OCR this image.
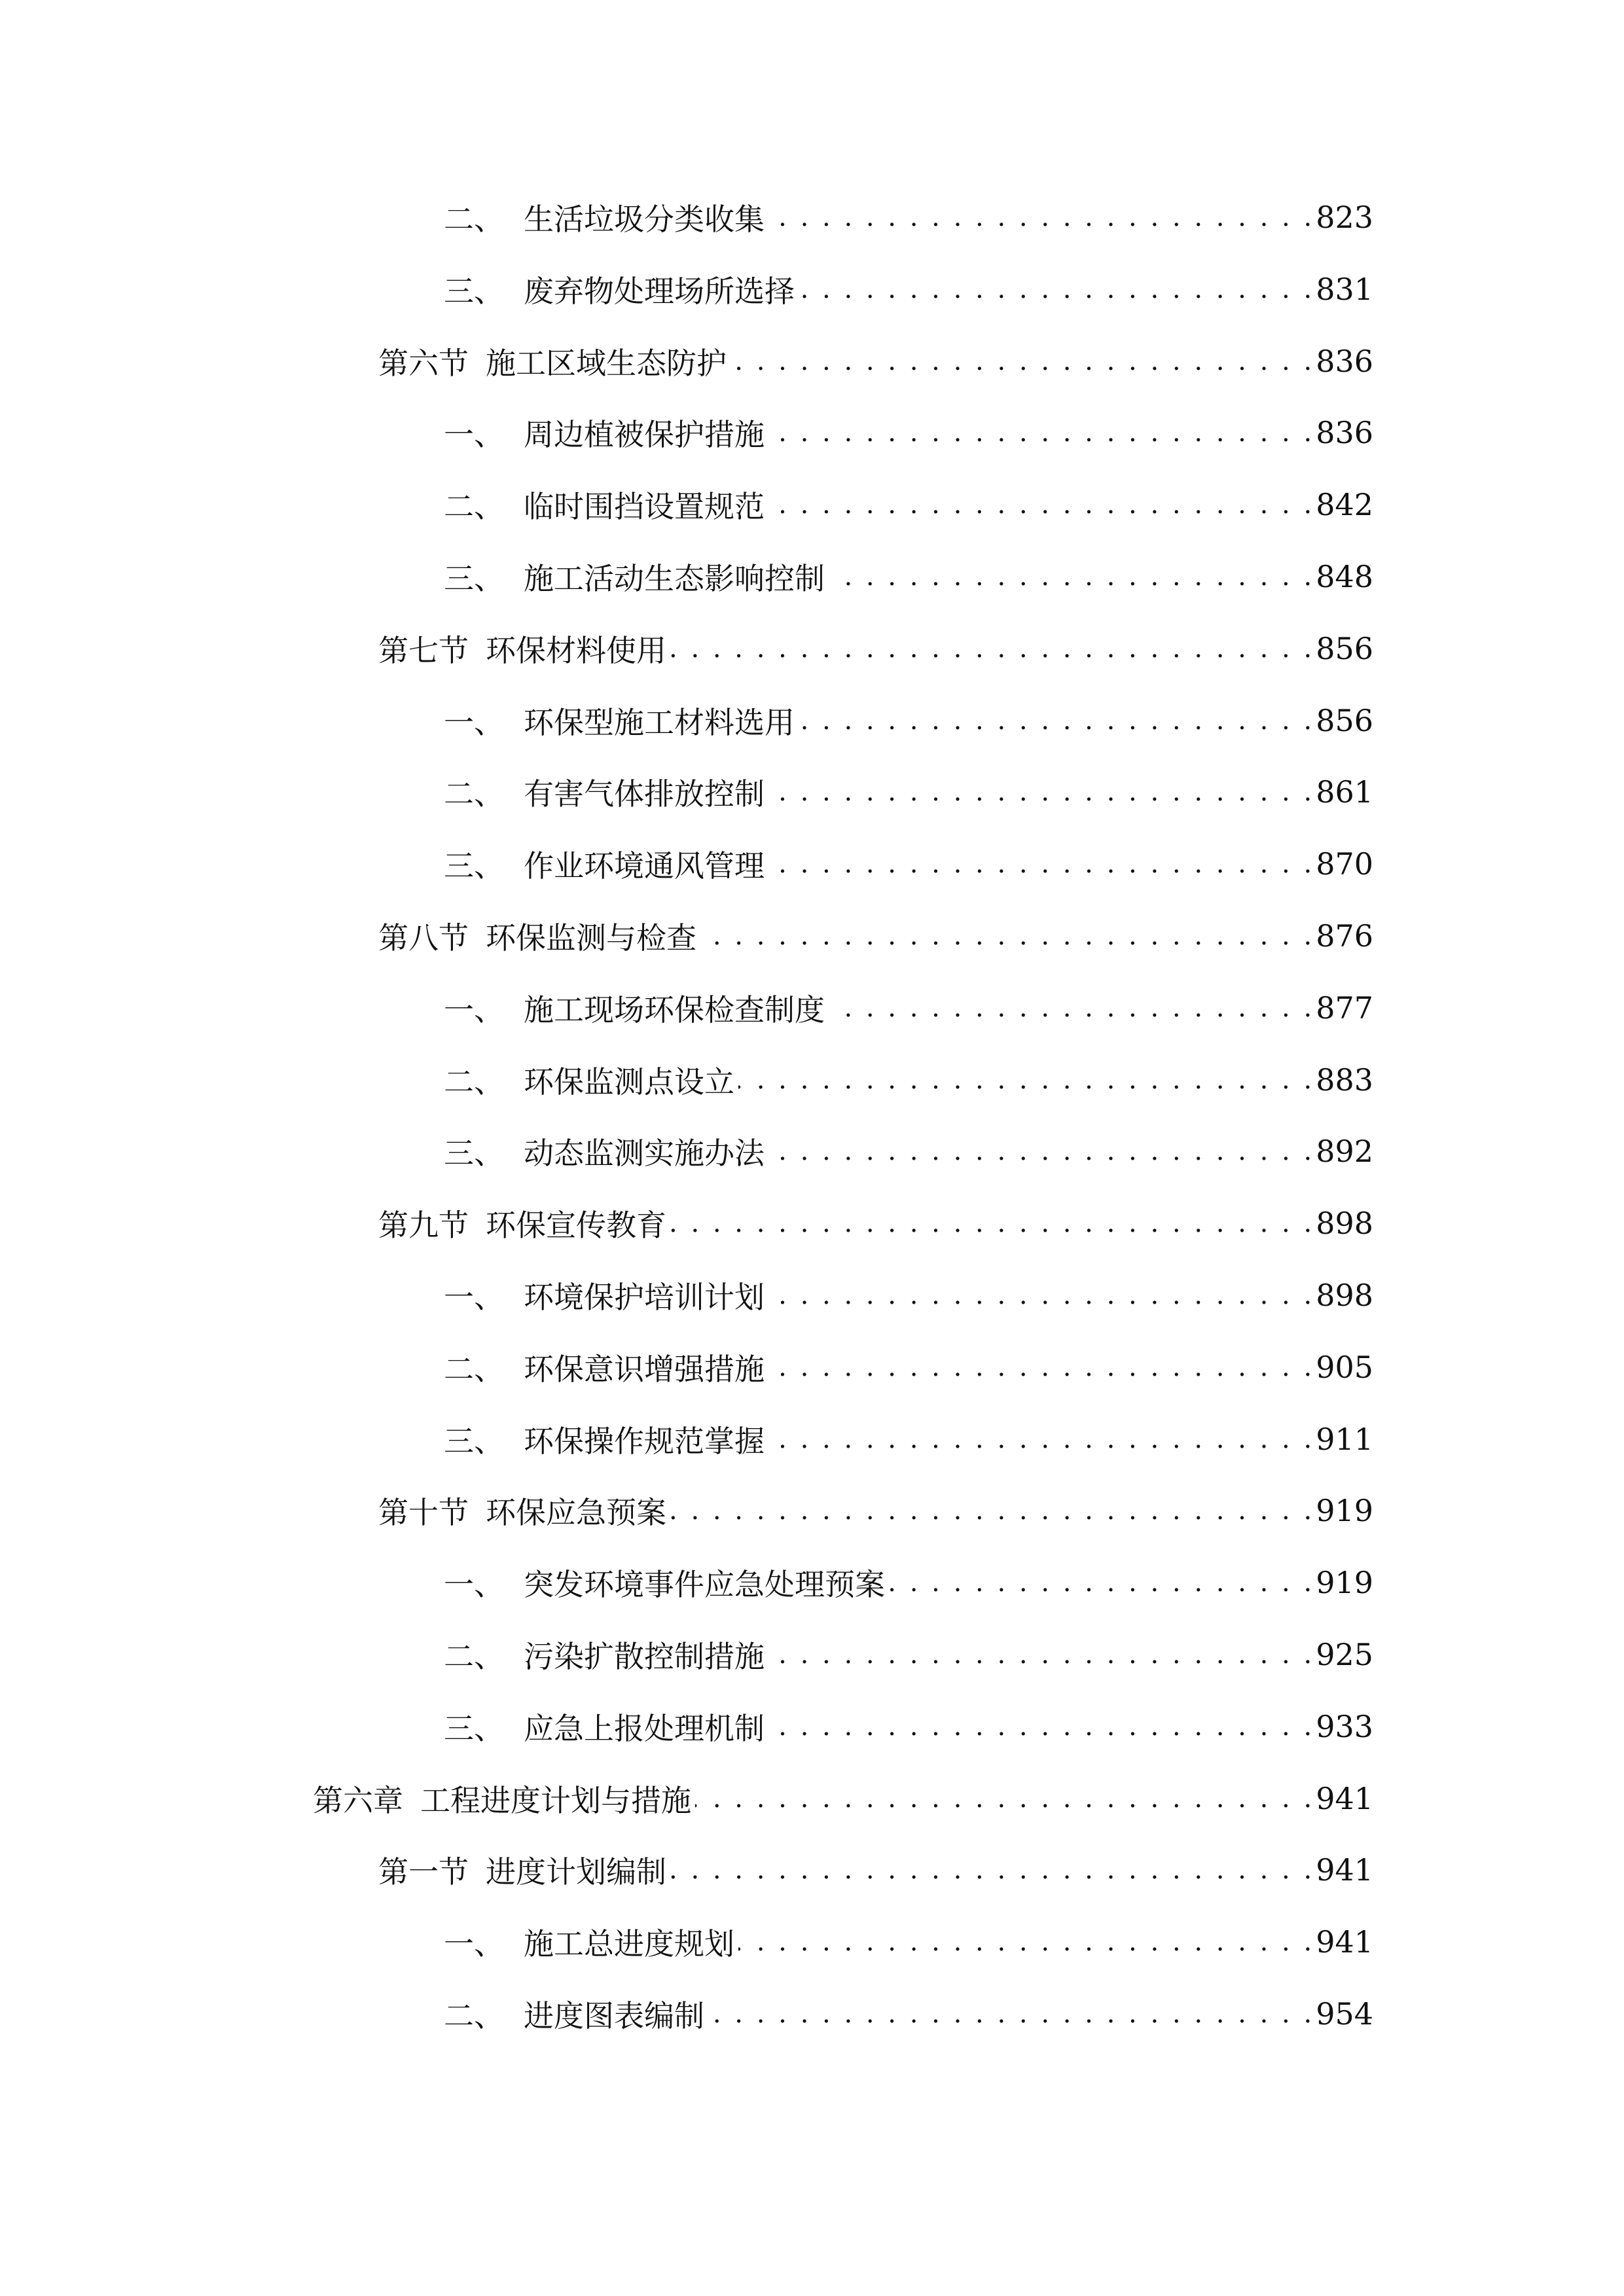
二、 生活垃圾分类收集 . . .	823
三、 废弃物处理场所选择 . . .	831
第六节 施工区域生态防护 . . .	836
一、 周边植被保护措施 . . .	836
二、 临时围挡设置规范 . . .	842
三、 施工活动生态影响控制 . . .	848
第七节 环保材料使用 . . .	856
一、 环保型施工材料选用 . . .	856
二、 有害气体排放控制 . . .	861
三、 作业环境通风管理 . . .	870
第八节 环保监测与检查 . . .	876
一、 施工现场环保检查制度 . . .	877
二、 环保监测点设立 . . .	883
三、 动态监测实施办法 . . .	892
第九节 环保宣传教育 . . .	898
一、 环境保护培训计划 . . .	898
二、 环保意识增强措施 . . .	905
三、 环保操作规范掌握 . . .	911
第十节 环保应急预案 . . .	919
一、 突发环境事件应急处理预案 . . .	919
二、 污染扩散控制措施 . . .	925
三、 应急上报处理机制 . . .	933
第六章 工程进度计划与措施 . . .	941
第一节 进度计划编制 . . .	941
一、 施工总进度规划 . . .	941
二、 进度图表编制 . . .	954
